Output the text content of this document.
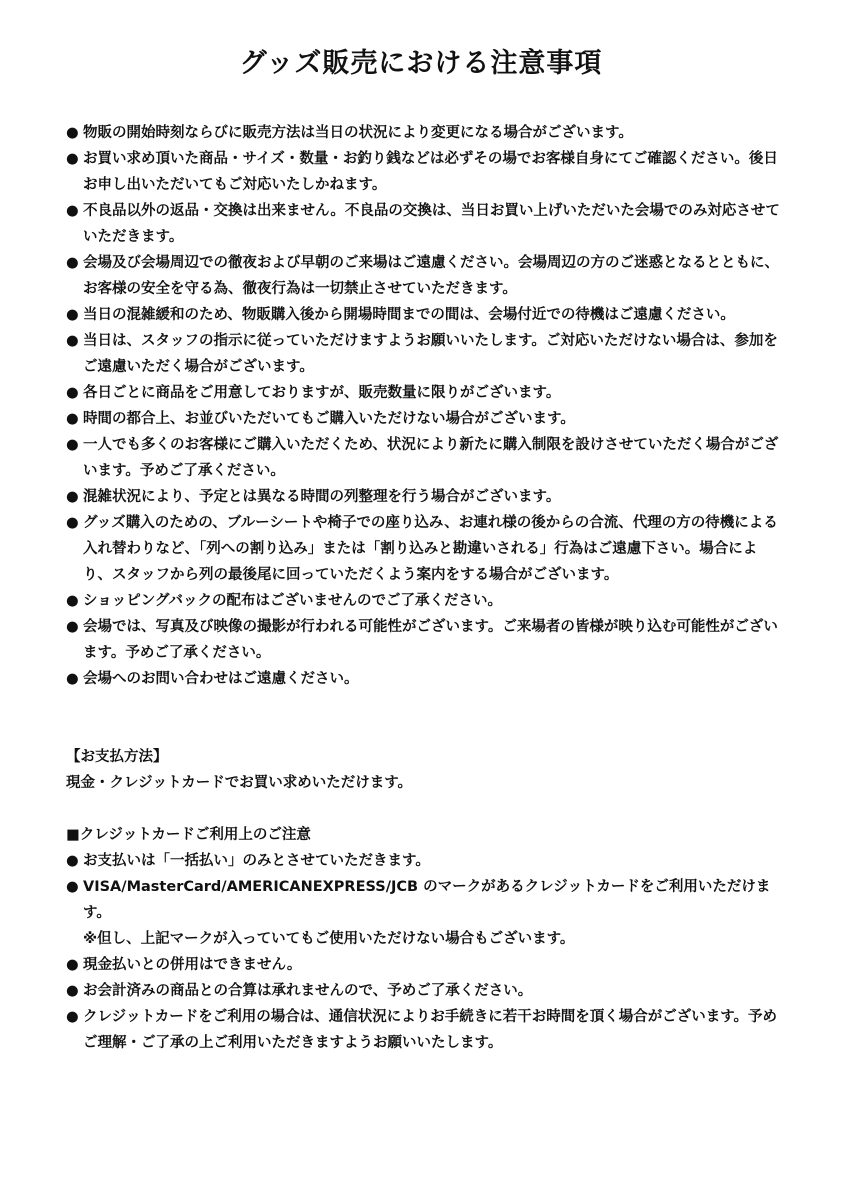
グッズ販売における注意事項
● 物販の開始時刻ならびに販売方法は当日の状況により変更になる場合がございます。
● お買い求め頂いた商品・サイズ・数量・お釣り銭などは必ずその場でお客様自身にてご確認ください。後日お申し出いただいてもご対応いたしかねます。
● 不良品以外の返品・交換は出来ません。不良品の交換は、当日お買い上げいただいた会場でのみ対応させていただきます。
● 会場及び会場周辺での徹夜および早朝のご来場はご遠慮ください。会場周辺の方のご迷惑となるとともに、お客様の安全を守る為、徹夜行為は一切禁止させていただきます。
● 当日の混雑緩和のため、物販購入後から開場時間までの間は、会場付近での待機はご遠慮ください。
● 当日は、スタッフの指示に従っていただけますようお願いいたします。ご対応いただけない場合は、参加をご遠慮いただく場合がございます。
● 各日ごとに商品をご用意しておりますが、販売数量に限りがございます。
● 時間の都合上、お並びいただいてもご購入いただけない場合がございます。
● 一人でも多くのお客様にご購入いただくため、状況により新たに購入制限を設けさせていただく場合がございます。予めご了承ください。
● 混雑状況により、予定とは異なる時間の列整理を行う場合がございます。
● グッズ購入のための、ブルーシートや椅子での座り込み、お連れ様の後からの合流、代理の方の待機による入れ替わりなど、「列への割り込み」または「割り込みと勘違いされる」行為はご遠慮下さい。場合により、スタッフから列の最後尾に回っていただくよう案内をする場合がございます。
● ショッピングバックの配布はございませんのでご了承ください。
● 会場では、写真及び映像の撮影が行われる可能性がございます。ご来場者の皆様が映り込む可能性がございます。予めご了承ください。
● 会場へのお問い合わせはご遠慮ください。

【お支払方法】

現金・クレジットカードでお買い求めいただけます。

■クレジットカードご利用上のご注意

● お支払いは「一括払い」のみとさせていただきます。
● VISA/MasterCard/AMERICANEXPRESS/JCB のマークがあるクレジットカードをご利用いただけます。

※但し、上記マークが入っていてもご使用いただけない場合もございます。

● 現金払いとの併用はできません。
● お会計済みの商品との合算は承れませんので、予めご了承ください。
● クレジットカードをご利用の場合は、通信状況によりお手続きに若干お時間を頂く場合がございます。予めご理解・ご了承の上ご利用いただきますようお願いいたします。
